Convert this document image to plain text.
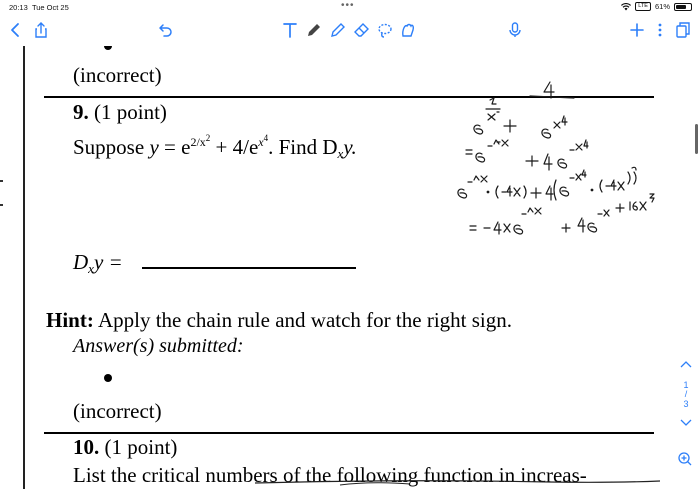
20:13 Tue Oct 25	•••	LTE 61%
(incorrect)
9. (1 point)
Suppose $y = e^{2/x^2} + 4/e^{x^4}$. Find $D_xy$.
$D_xy$ =
Hint: Apply the chain rule and watch for the right sign.
Answer(s) submitted:
(incorrect)
10. (1 point)
List the critical numbers of the following function in increas-
1
/
3
